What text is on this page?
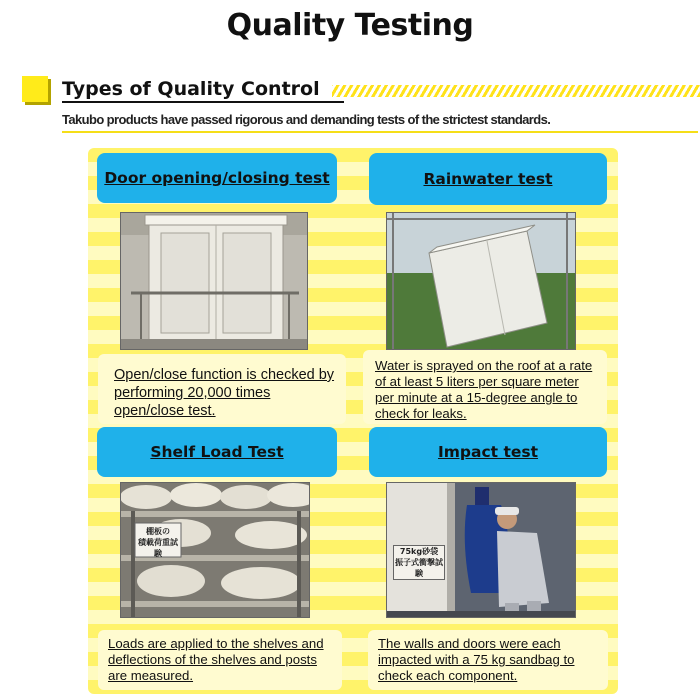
Quality Testing
Types of Quality Control
Takubo products have passed rigorous and demanding tests of the strictest standards.
Door opening/closing test
Open/close function is checked by performing 20,000 times open/close test.
Rainwater test
Water is sprayed on the roof at a rate of at least 5 liters per square meter per minute at a 15-degree angle to check for leaks.
Shelf Load Test
棚板の
積載荷重試験
Loads are applied to the shelves and deflections of the shelves and posts are measured.
Impact test
75kg砂袋
振子式衝撃試験
The walls and doors were each impacted with a 75 kg sandbag to check each component.
